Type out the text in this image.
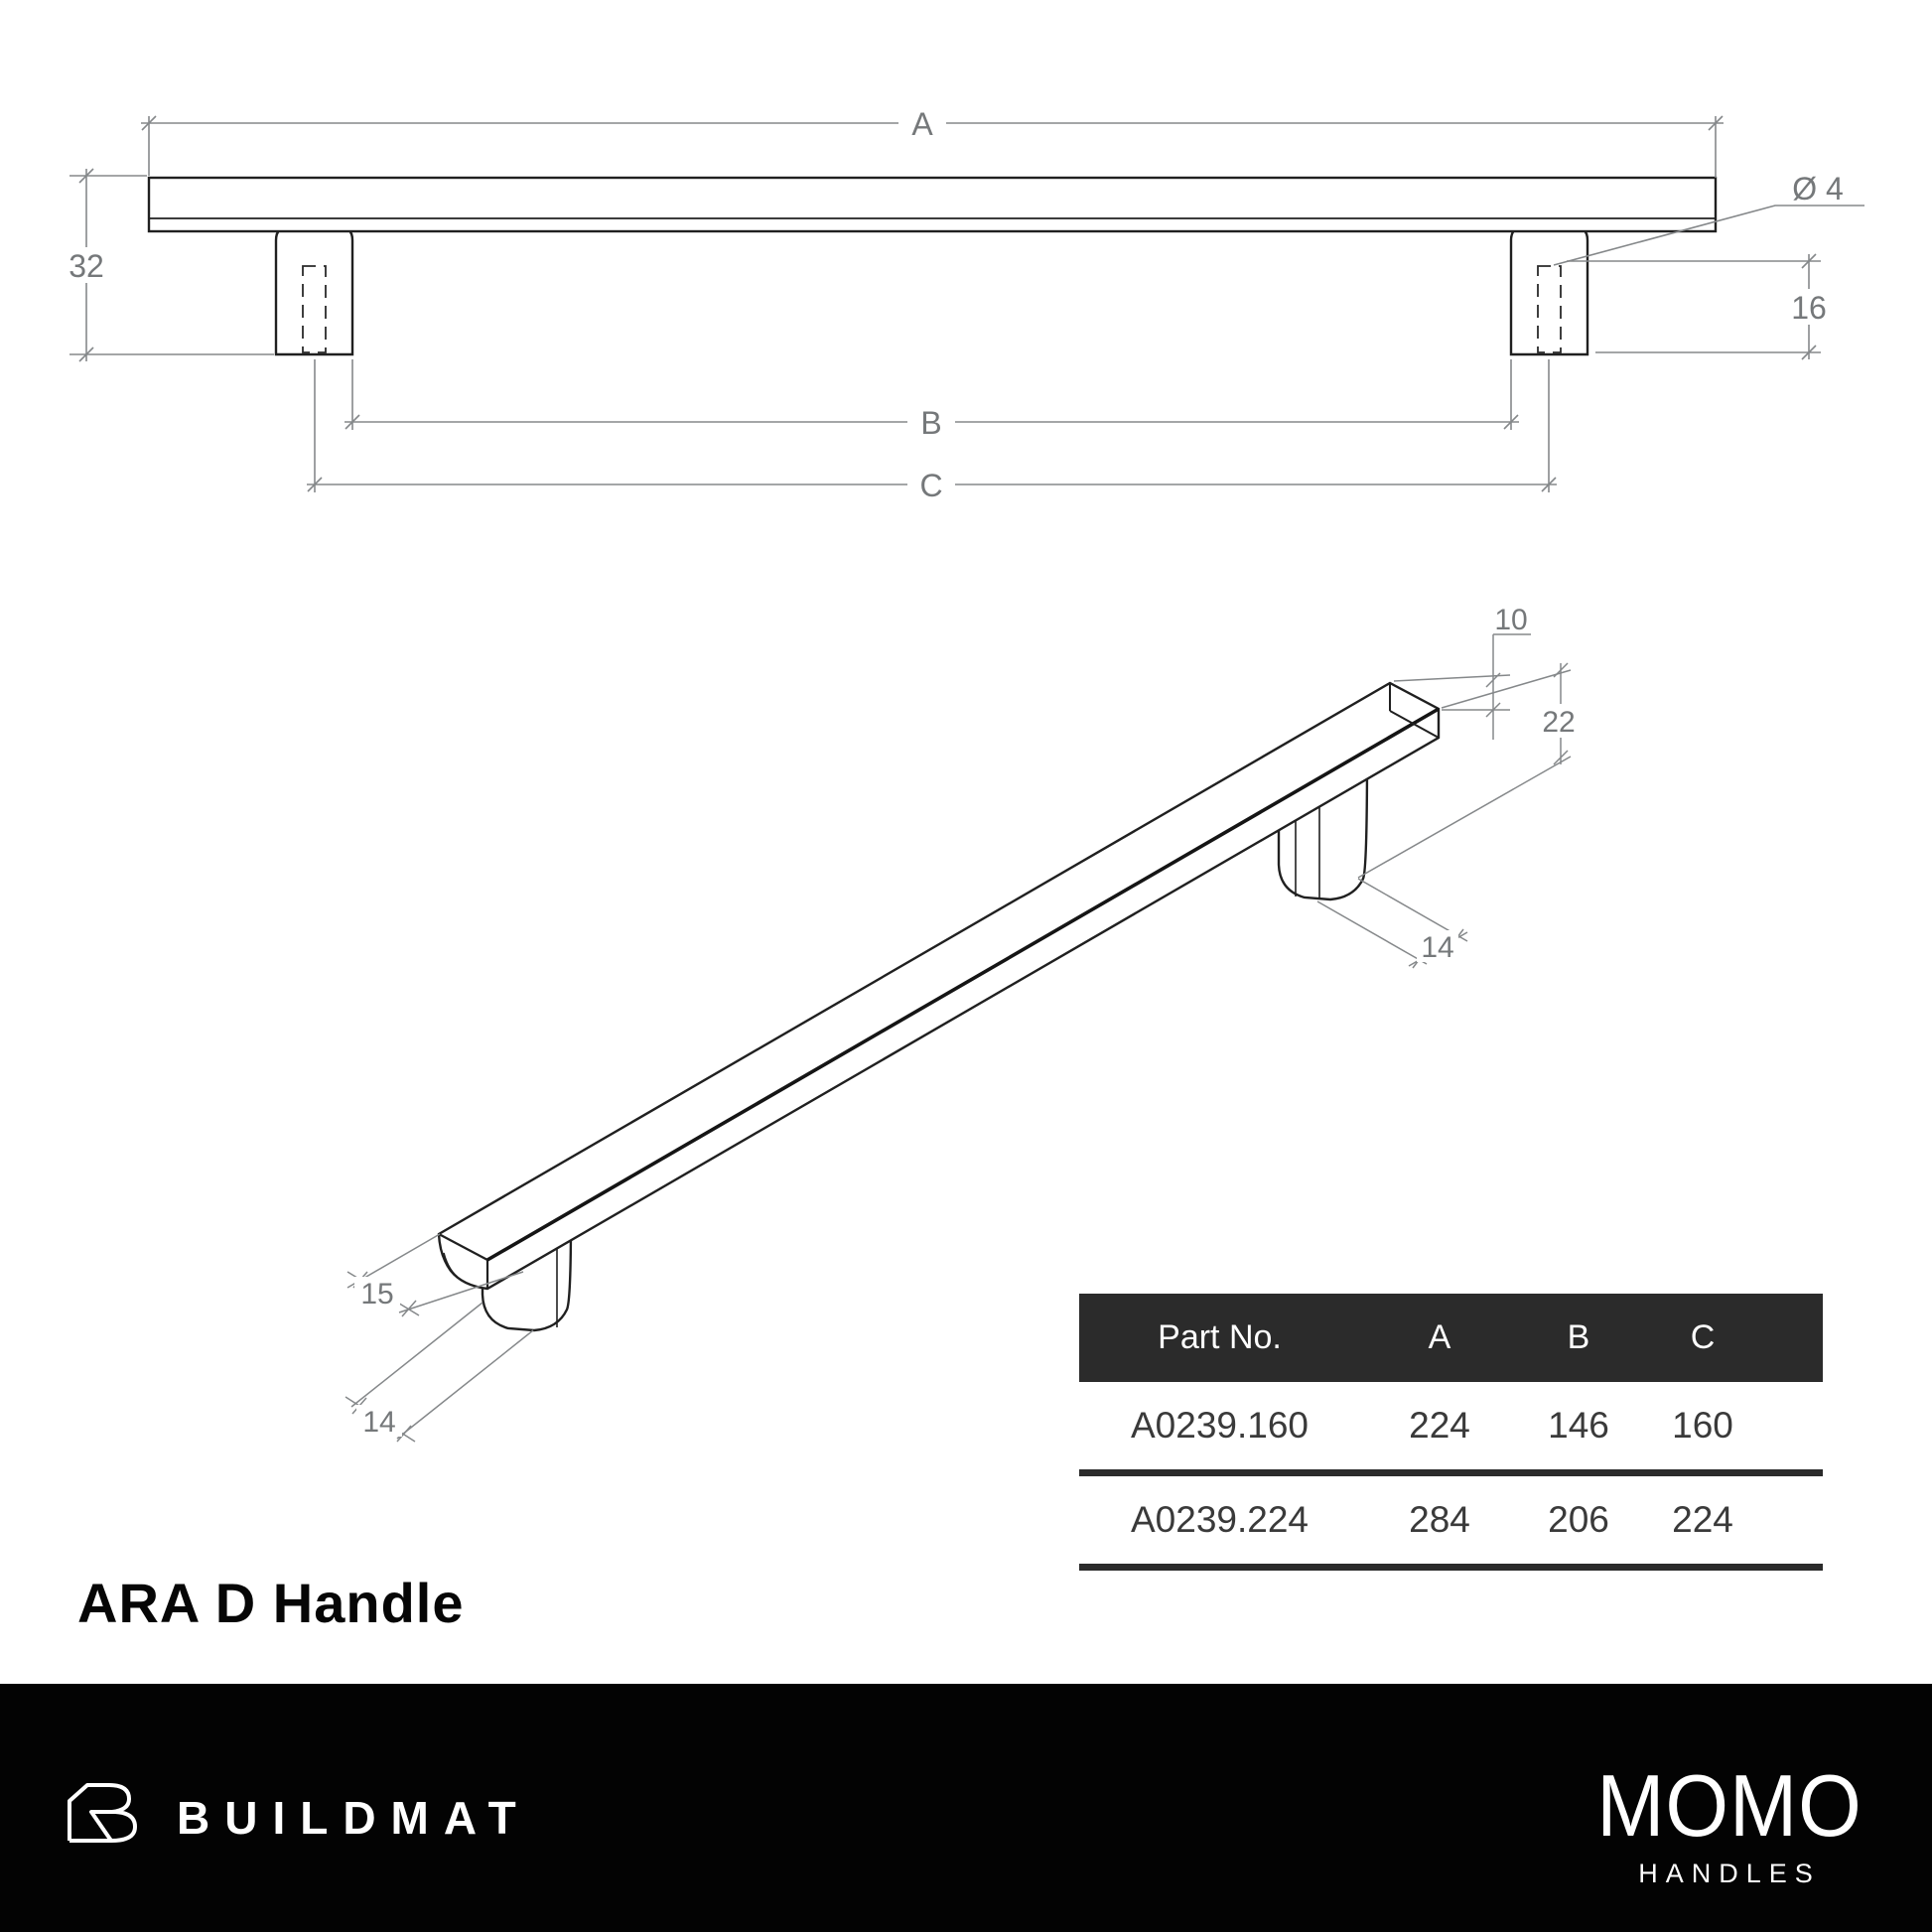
A
32
Ø 4
16
B
C
10
22
14
15
14
Part No.	A	B	C
A0239.160	224	146	160
A0239.224	284	206	224
ARA D Handle
BUILDMAT	MOMO
HANDLES
